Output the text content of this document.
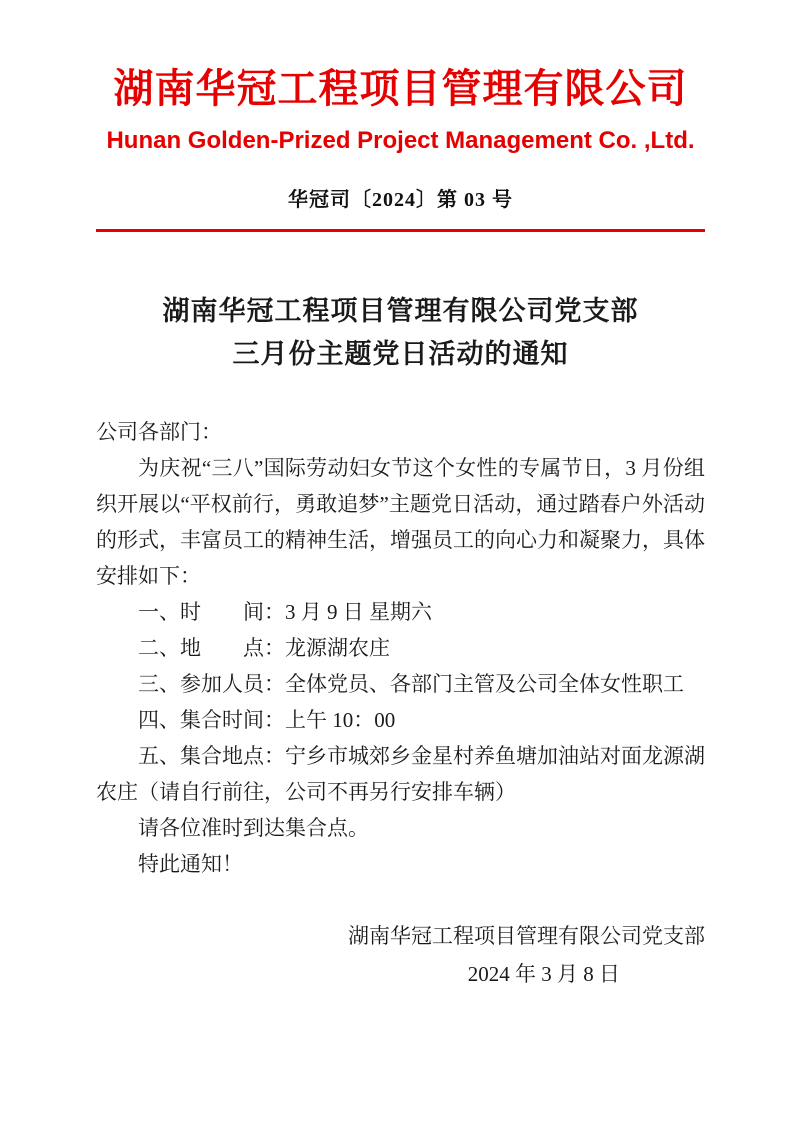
湖南华冠工程项目管理有限公司
Hunan Golden-Prized Project Management Co. ,Ltd.
华冠司〔2024〕第 03 号
湖南华冠工程项目管理有限公司党支部
三月份主题党日活动的通知

公司各部门：

为庆祝“三八”国际劳动妇女节这个女性的专属节日，3 月份组织开展以“平权前行，勇敢追梦”主题党日活动，通过踏春户外活动的形式，丰富员工的精神生活，增强员工的向心力和凝聚力，具体安排如下：

一、时　　间：3 月 9 日 星期六

二、地　　点：龙源湖农庄

三、参加人员：全体党员、各部门主管及公司全体女性职工

四、集合时间：上午 10：00

五、集合地点：宁乡市城郊乡金星村养鱼塘加油站对面龙源湖农庄（请自行前往，公司不再另行安排车辆）

请各位准时到达集合点。

特此通知！

湖南华冠工程项目管理有限公司党支部
2024 年 3 月 8 日
